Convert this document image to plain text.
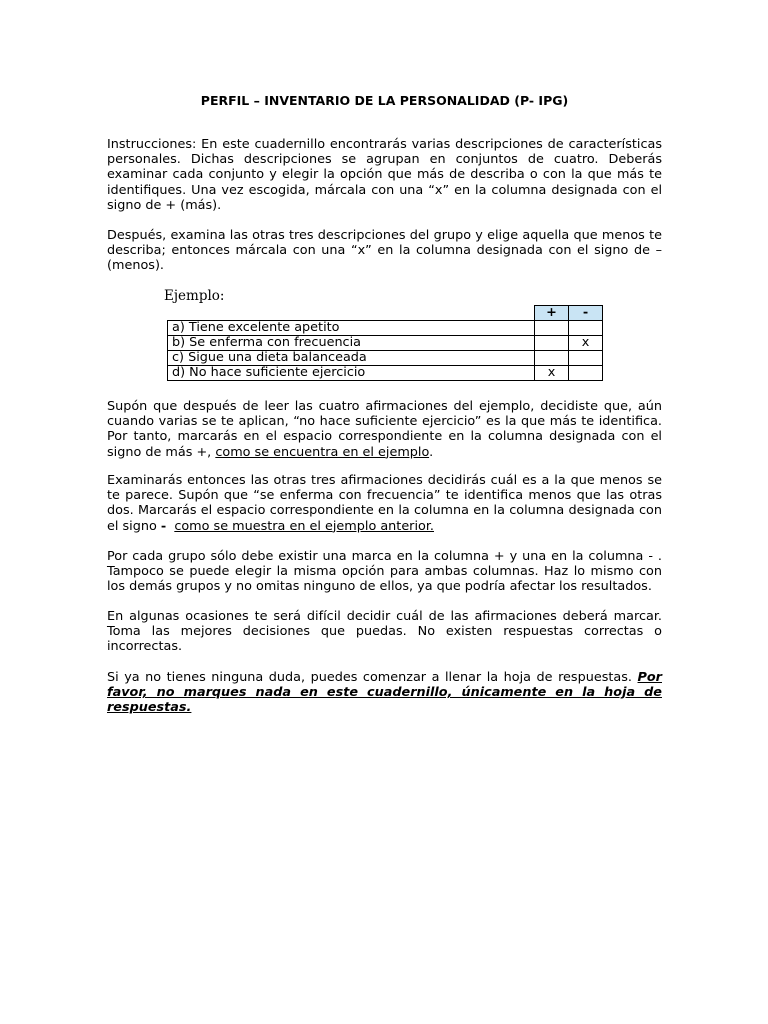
PERFIL – INVENTARIO DE LA PERSONALIDAD (P- IPG)

Instrucciones: En este cuadernillo encontrarás varias descripciones de características personales. Dichas descripciones se agrupan en conjuntos de cuatro. Deberás examinar cada conjunto y elegir la opción que más de describa o con la que más te identifiques. Una vez escogida, márcala con una “x” en la columna designada con el signo de + (más).

Después, examina las otras tres descripciones del grupo y elige aquella que menos te describa; entonces márcala con una “x” en la columna designada con el signo de – (menos).

Ejemplo:

	+	-
a) Tiene excelente apetito		
b) Se enferma con frecuencia		x
c) Sigue una dieta balanceada		
d) No hace suficiente ejercicio	x	

Supón que después de leer las cuatro afirmaciones del ejemplo, decidiste que, aún cuando varias se te aplican, “no hace suficiente ejercicio” es la que más te identifica. Por tanto, marcarás en el espacio correspondiente en la columna designada con el signo de más +, como se encuentra en el ejemplo.

Examinarás entonces las otras tres afirmaciones decidirás cuál es a la que menos se te parece. Supón que “se enferma con frecuencia” te identifica menos que las otras dos. Marcarás el espacio correspondiente en la columna en la columna designada con el signo - como se muestra en el ejemplo anterior.

Por cada grupo sólo debe existir una marca en la columna + y una en la columna - . Tampoco se puede elegir la misma opción para ambas columnas. Haz lo mismo con los demás grupos y no omitas ninguno de ellos, ya que podría afectar los resultados.

En algunas ocasiones te será difícil decidir cuál de las afirmaciones deberá marcar. Toma las mejores decisiones que puedas. No existen respuestas correctas o incorrectas.

Si ya no tienes ninguna duda, puedes comenzar a llenar la hoja de respuestas. Por favor, no marques nada en este cuadernillo, únicamente en la hoja de respuestas.
